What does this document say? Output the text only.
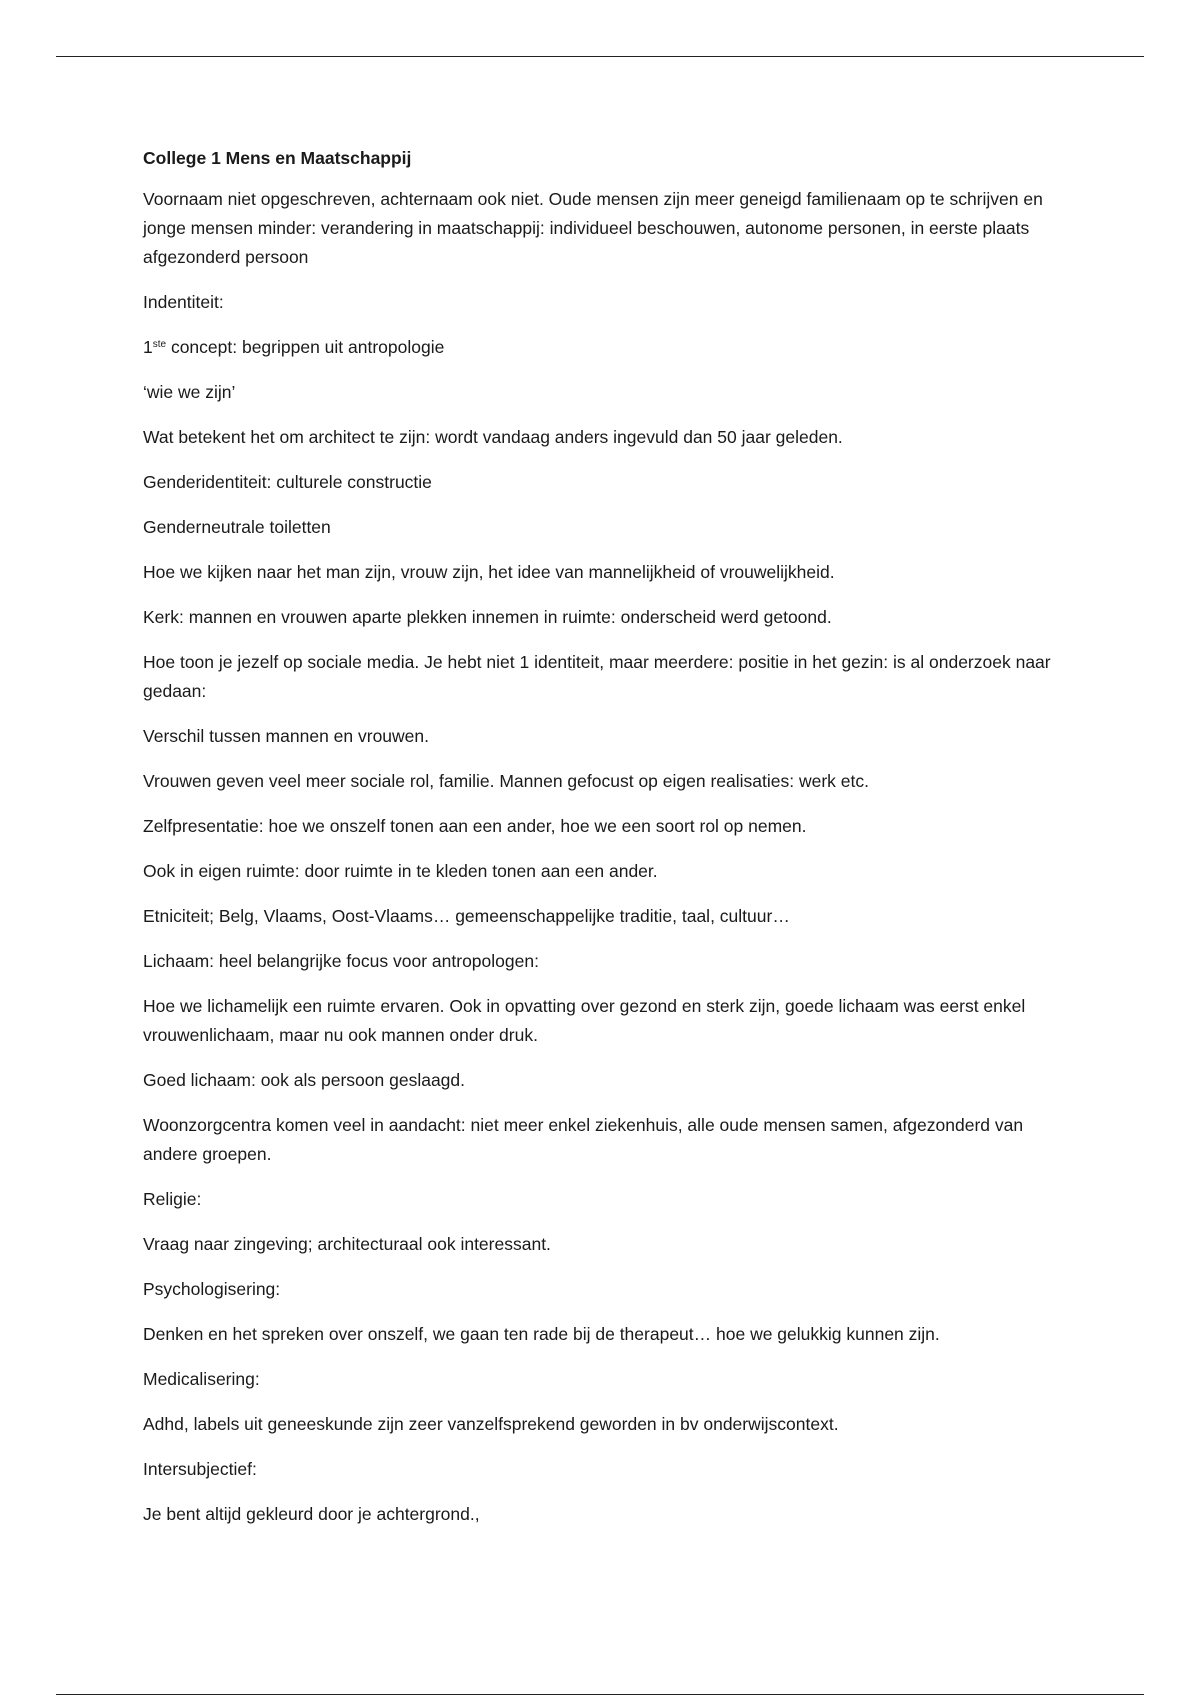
College 1 Mens en Maatschappij

Voornaam niet opgeschreven, achternaam ook niet. Oude mensen zijn meer geneigd familienaam op te schrijven en jonge mensen minder: verandering in maatschappij: individueel beschouwen, autonome personen, in eerste plaats afgezonderd persoon

Indentiteit:

1ste concept: begrippen uit antropologie

‘wie we zijn’

Wat betekent het om architect te zijn: wordt vandaag anders ingevuld dan 50 jaar geleden.

Genderidentiteit: culturele constructie

Genderneutrale toiletten

Hoe we kijken naar het man zijn, vrouw zijn, het idee van mannelijkheid of vrouwelijkheid.

Kerk: mannen en vrouwen aparte plekken innemen in ruimte: onderscheid werd getoond.

Hoe toon je jezelf op sociale media. Je hebt niet 1 identiteit, maar meerdere: positie in het gezin: is al onderzoek naar gedaan:

Verschil tussen mannen en vrouwen.

Vrouwen geven veel meer sociale rol, familie. Mannen gefocust op eigen realisaties: werk etc.

Zelfpresentatie: hoe we onszelf tonen aan een ander, hoe we een soort rol op nemen.

Ook in eigen ruimte: door ruimte in te kleden tonen aan een ander.

Etniciteit; Belg, Vlaams, Oost-Vlaams… gemeenschappelijke traditie, taal, cultuur…

Lichaam: heel belangrijke focus voor antropologen:

Hoe we lichamelijk een ruimte ervaren. Ook in opvatting over gezond en sterk zijn, goede lichaam was eerst enkel vrouwenlichaam, maar nu ook mannen onder druk.

Goed lichaam: ook als persoon geslaagd.

Woonzorgcentra komen veel in aandacht: niet meer enkel ziekenhuis, alle oude mensen samen, afgezonderd van andere groepen.

Religie:

Vraag naar zingeving; architecturaal ook interessant.

Psychologisering:

Denken en het spreken over onszelf, we gaan ten rade bij de therapeut… hoe we gelukkig kunnen zijn.

Medicalisering:

Adhd, labels uit geneeskunde zijn zeer vanzelfsprekend geworden in bv onderwijscontext.

Intersubjectief:

Je bent altijd gekleurd door je achtergrond.,
